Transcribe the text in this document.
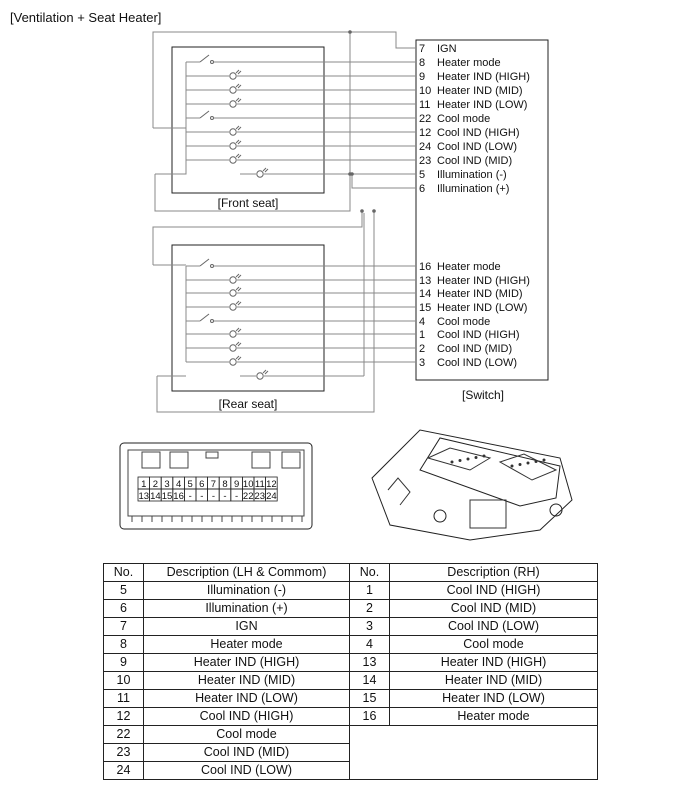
[Switch]
[Front seat]
[Rear seat]
7 IGN
8 Heater mode
9 Heater IND (HIGH)
10 Heater IND (MID)
11 Heater IND (LOW)
22 Cool mode
12 Cool IND (HIGH)
24 Cool IND (LOW)
23 Cool IND (MID)
5 Illumination (-)
6 Illumination (+)
16 Heater mode
13 Heater IND (HIGH)
14 Heater IND (MID)
15 Heater IND (LOW)
4 Cool mode
1 Cool IND (HIGH)
2 Cool IND (MID)
3 Cool IND (LOW)
1 2 3 4 5 6 7 8 9 10 11 12
13 14 15 16 - - - - - 22 23 24
[Ventilation + Seat Heater]
No.	Description (LH & Commom)	No.	Description (RH)
5	Illumination (-)	1	Cool IND (HIGH)
6	Illumination (+)	2	Cool IND (MID)
7	IGN	3	Cool IND (LOW)
8	Heater mode	4	Cool mode
9	Heater IND (HIGH)	13	Heater IND (HIGH)
10	Heater IND (MID)	14	Heater IND (MID)
11	Heater IND (LOW)	15	Heater IND (LOW)
12	Cool IND (HIGH)	16	Heater mode
22	Cool mode		
23	Cool IND (MID)		
24	Cool IND (LOW)		
